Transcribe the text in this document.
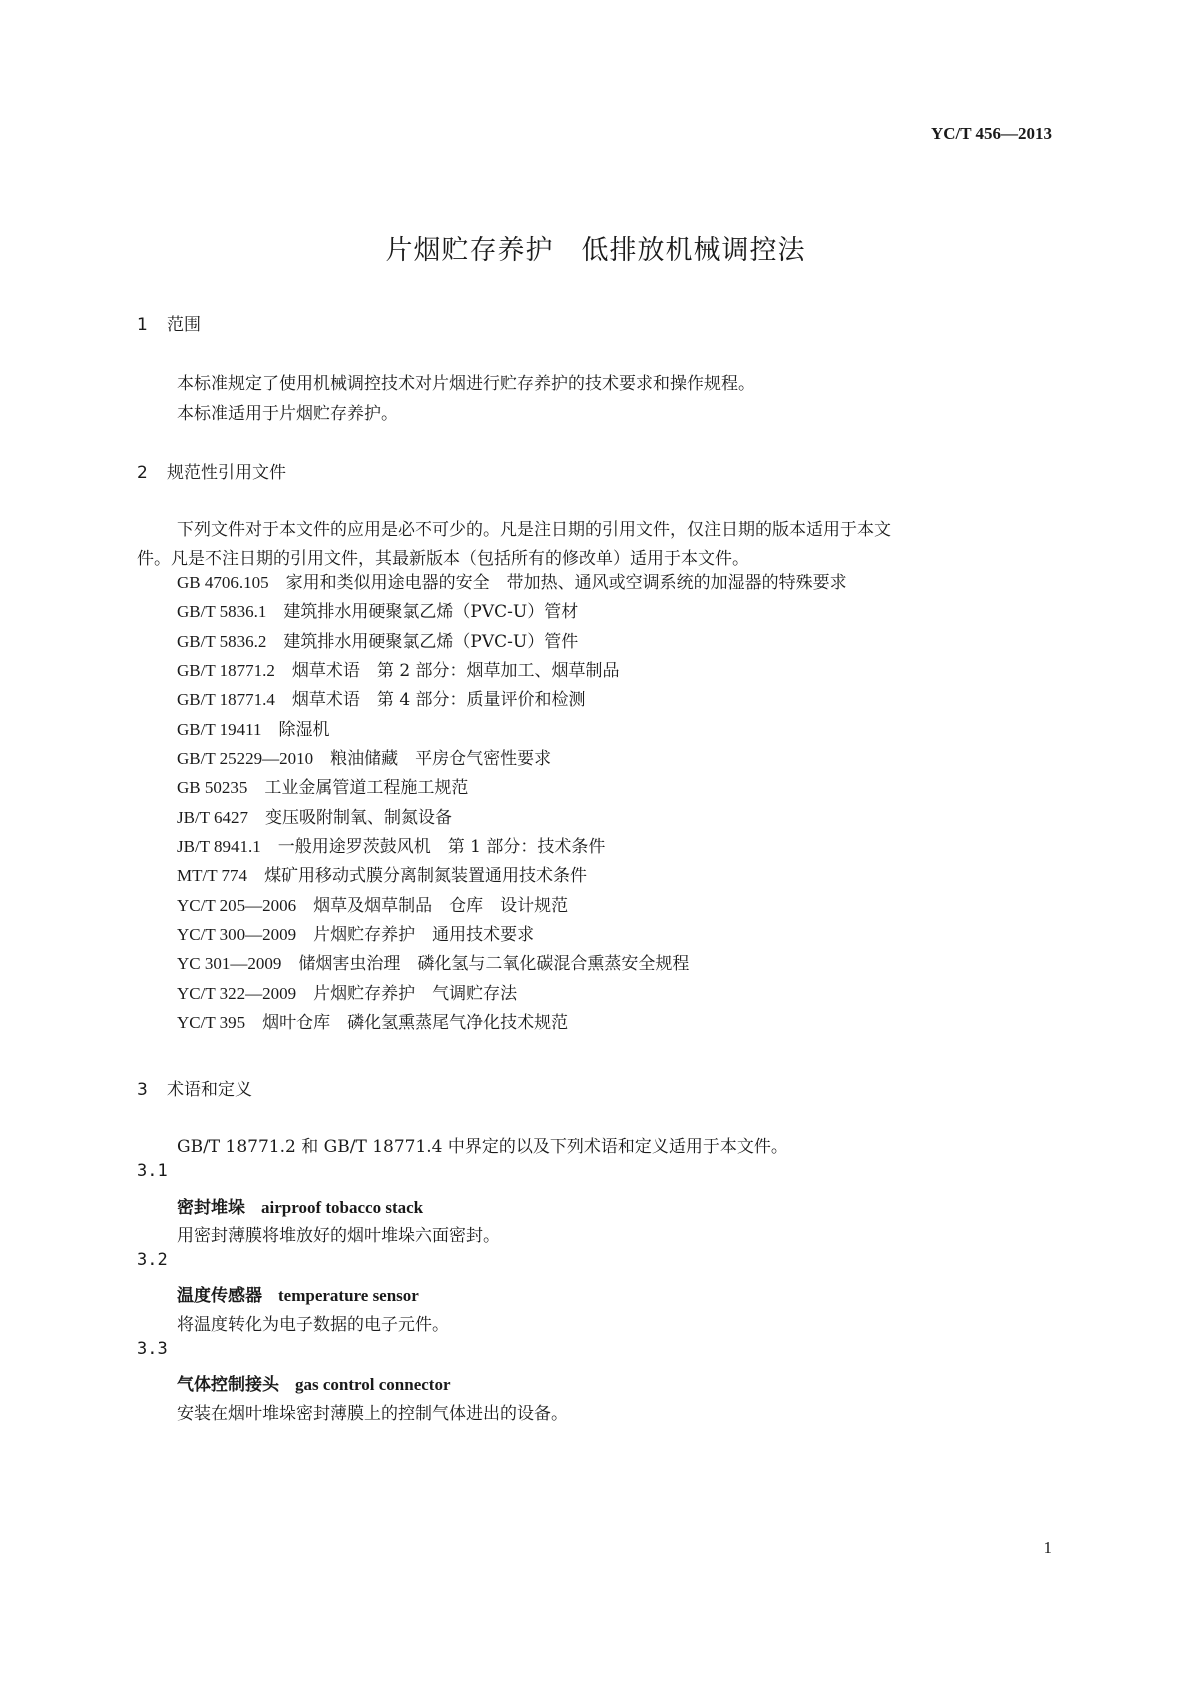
YC/T 456—2013
片烟贮存养护　低排放机械调控法
1 范围
本标准规定了使用机械调控技术对片烟进行贮存养护的技术要求和操作规程。
本标准适用于片烟贮存养护。
2 规范性引用文件
下列文件对于本文件的应用是必不可少的。凡是注日期的引用文件，仅注日期的版本适用于本文
件。凡是不注日期的引用文件，其最新版本（包括所有的修改单）适用于本文件。
GB 4706.105　 家用和类似用途电器的安全　带加热、通风或空调系统的加湿器的特殊要求
GB/T 5836.1　 建筑排水用硬聚氯乙烯（PVC-U）管材
GB/T 5836.2　 建筑排水用硬聚氯乙烯（PVC-U）管件
GB/T 18771.2　 烟草术语　第 2 部分：烟草加工、烟草制品
GB/T 18771.4　 烟草术语　第 4 部分：质量评价和检测
GB/T 19411　 除湿机
GB/T 25229—2010　 粮油储藏　平房仓气密性要求
GB 50235　 工业金属管道工程施工规范
JB/T 6427　 变压吸附制氧、制氮设备
JB/T 8941.1　 一般用途罗茨鼓风机　第 1 部分：技术条件
MT/T 774　 煤矿用移动式膜分离制氮装置通用技术条件
YC/T 205—2006　 烟草及烟草制品　仓库　设计规范
YC/T 300—2009　 片烟贮存养护　通用技术要求
YC 301—2009　 储烟害虫治理　磷化氢与二氧化碳混合熏蒸安全规程
YC/T 322—2009　 片烟贮存养护　气调贮存法
YC/T 395　 烟叶仓库　磷化氢熏蒸尾气净化技术规范
3 术语和定义
GB/T 18771.2 和 GB/T 18771.4 中界定的以及下列术语和定义适用于本文件。
3.1
密封堆垛 airproof tobacco stack
用密封薄膜将堆放好的烟叶堆垛六面密封。
3.2
温度传感器 temperature sensor
将温度转化为电子数据的电子元件。
3.3
气体控制接头 gas control connector
安装在烟叶堆垛密封薄膜上的控制气体进出的设备。
1
